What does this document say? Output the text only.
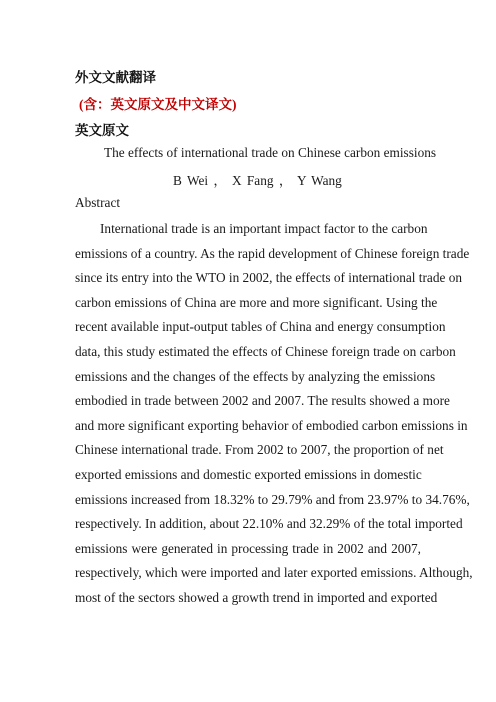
外文文献翻译
(含：英文原文及中文译文)
英文原文
The effects of international trade on Chinese carbon emissions
B Wei ， X Fang ， Y Wang
Abstract
International trade is an important impact factor to the carbon
emissions of a country. As the rapid development of Chinese foreign trade
since its entry into the WTO in 2002, the effects of international trade on
carbon emissions of China are more and more significant. Using the
recent available input-output tables of China and energy consumption
data, this study estimated the effects of Chinese foreign trade on carbon
emissions and the changes of the effects by analyzing the emissions
embodied in trade between 2002 and 2007. The results showed a more
and more significant exporting behavior of embodied carbon emissions in
Chinese international trade. From 2002 to 2007, the proportion of net
exported emissions and domestic exported emissions in domestic
emissions increased from 18.32% to 29.79% and from 23.97% to 34.76%,
respectively. In addition, about 22.10% and 32.29% of the total imported
emissions were generated in processing trade in 2002 and 2007,
respectively, which were imported and later exported emissions. Although,
most of the sectors showed a growth trend in imported and exported
